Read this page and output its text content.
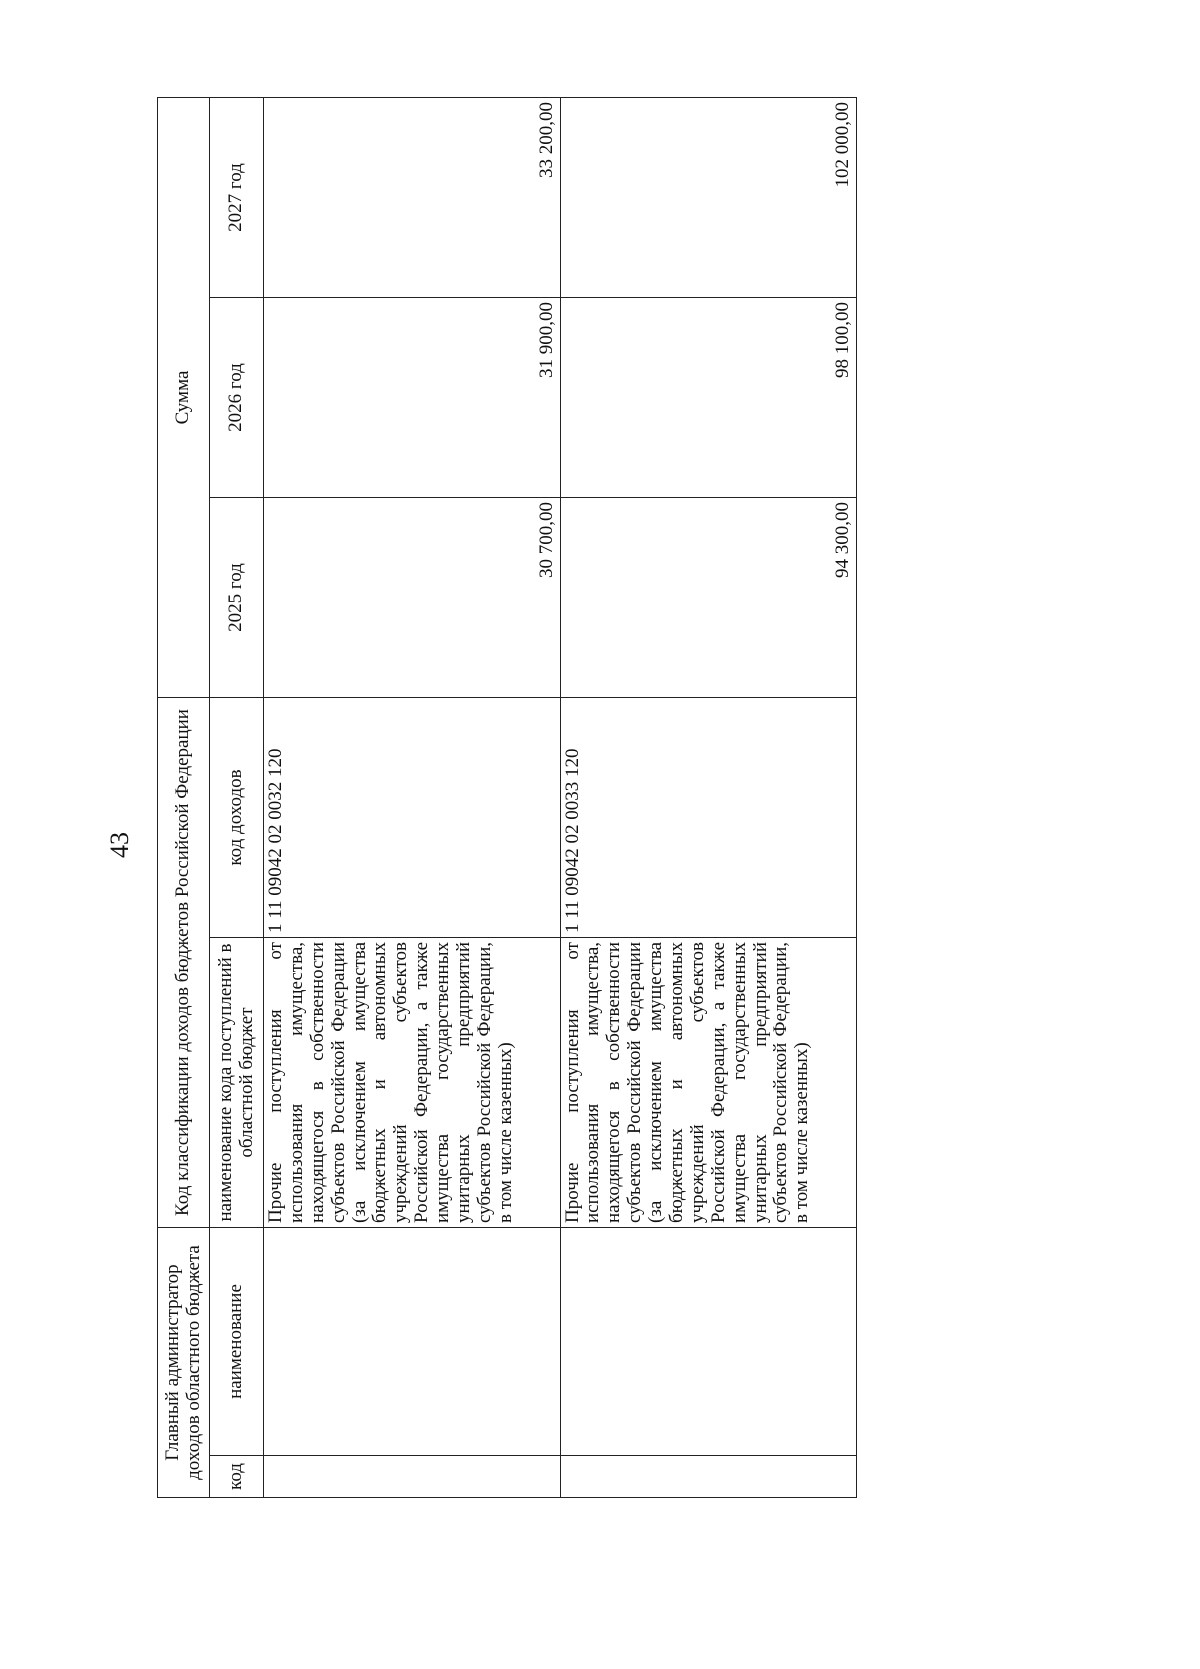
43
Главный администратор доходов областного бюджета		Код классификации доходов бюджетов Российской Федерации		Сумма		
код	наименование	наименование кода поступлений в областной бюджет	код доходов	2025 год	2026 год	2027 год
		Прочие поступления от использования имущества, находящегося в собственности субъектов Российской Федерации (за исключением имущества бюджетных и автономных учреждений субъектов Российской Федерации, а также имущества государственных унитарных предприятий субъектов Российской Федерации, в том числе казенных)	1 11 09042 02 0032 120	30 700,00	31 900,00	33 200,00
		Прочие поступления от использования имущества, находящегося в собственности субъектов Российской Федерации (за исключением имущества бюджетных и автономных учреждений субъектов Российской Федерации, а также имущества государственных унитарных предприятий субъектов Российской Федерации, в том числе казенных)	1 11 09042 02 0033 120	94 300,00	98 100,00	102 000,00
